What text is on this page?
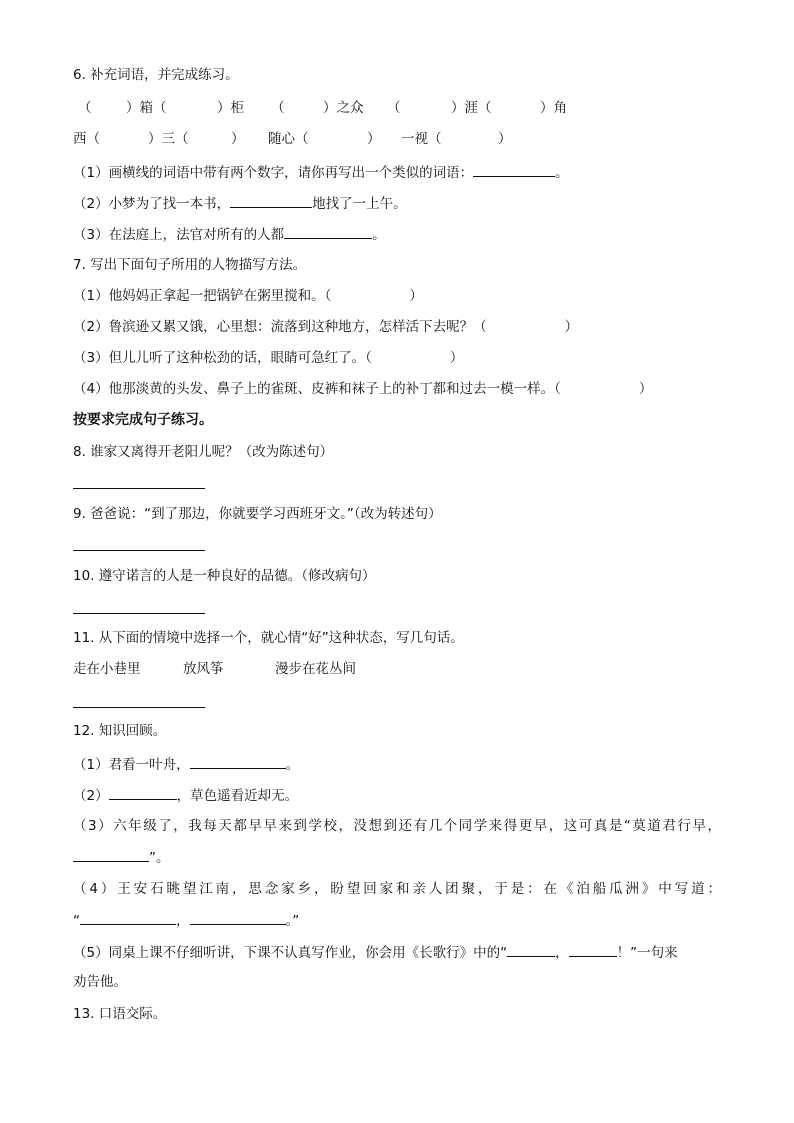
6. 补充词语，并完成练习。
（	）箱（	）柜 （	）之众 （	）涯（	）角
西（	）三（	） 随心（	） 一视（	）
（1）画横线的词语中带有两个数字，请你再写出一个类似的词语：	。
（2）小梦为了找一本书，	地找了一上午。
（3）在法庭上，法官对所有的人都	。
7. 写出下面句子所用的人物描写方法。
（1）他妈妈正拿起一把锅铲在粥里搅和。（	）
（2）鲁滨逊又累又饿，心里想：流落到这种地方，怎样活下去呢？（	）
（3）但儿儿听了这种松劲的话，眼睛可急红了。（	）
（4）他那淡黄的头发、鼻子上的雀斑、皮裤和袜子上的补丁都和过去一模一样。（	）
按要求完成句子练习。
8. 谁家又离得开老阳儿呢？（改为陈述句）
9. 爸爸说：“到了那边，你就要学习西班牙文。”（改为转述句）
10. 遵守诺言的人是一种良好的品德。（修改病句）
11. 从下面的情境中选择一个，就心情“好”这种状态，写几句话。
走在小巷里	放风筝	漫步在花丛间
12. 知识回顾。
（1）君看一叶舟，	。
（2）	，草色遥看近却无。
（3）六年级了，我每天都早早来到学校，没想到还有几个同学来得更早，这可真是“莫道君行早，
”。
（4）王安石眺望江南，思念家乡，盼望回家和亲人团聚，于是：在《泊船瓜洲》中写道：
“	，	。”
（5）同桌上课不仔细听讲，下课不认真写作业，你会用《长歌行》中的“	，	！”一句来
劝告他。
13. 口语交际。
